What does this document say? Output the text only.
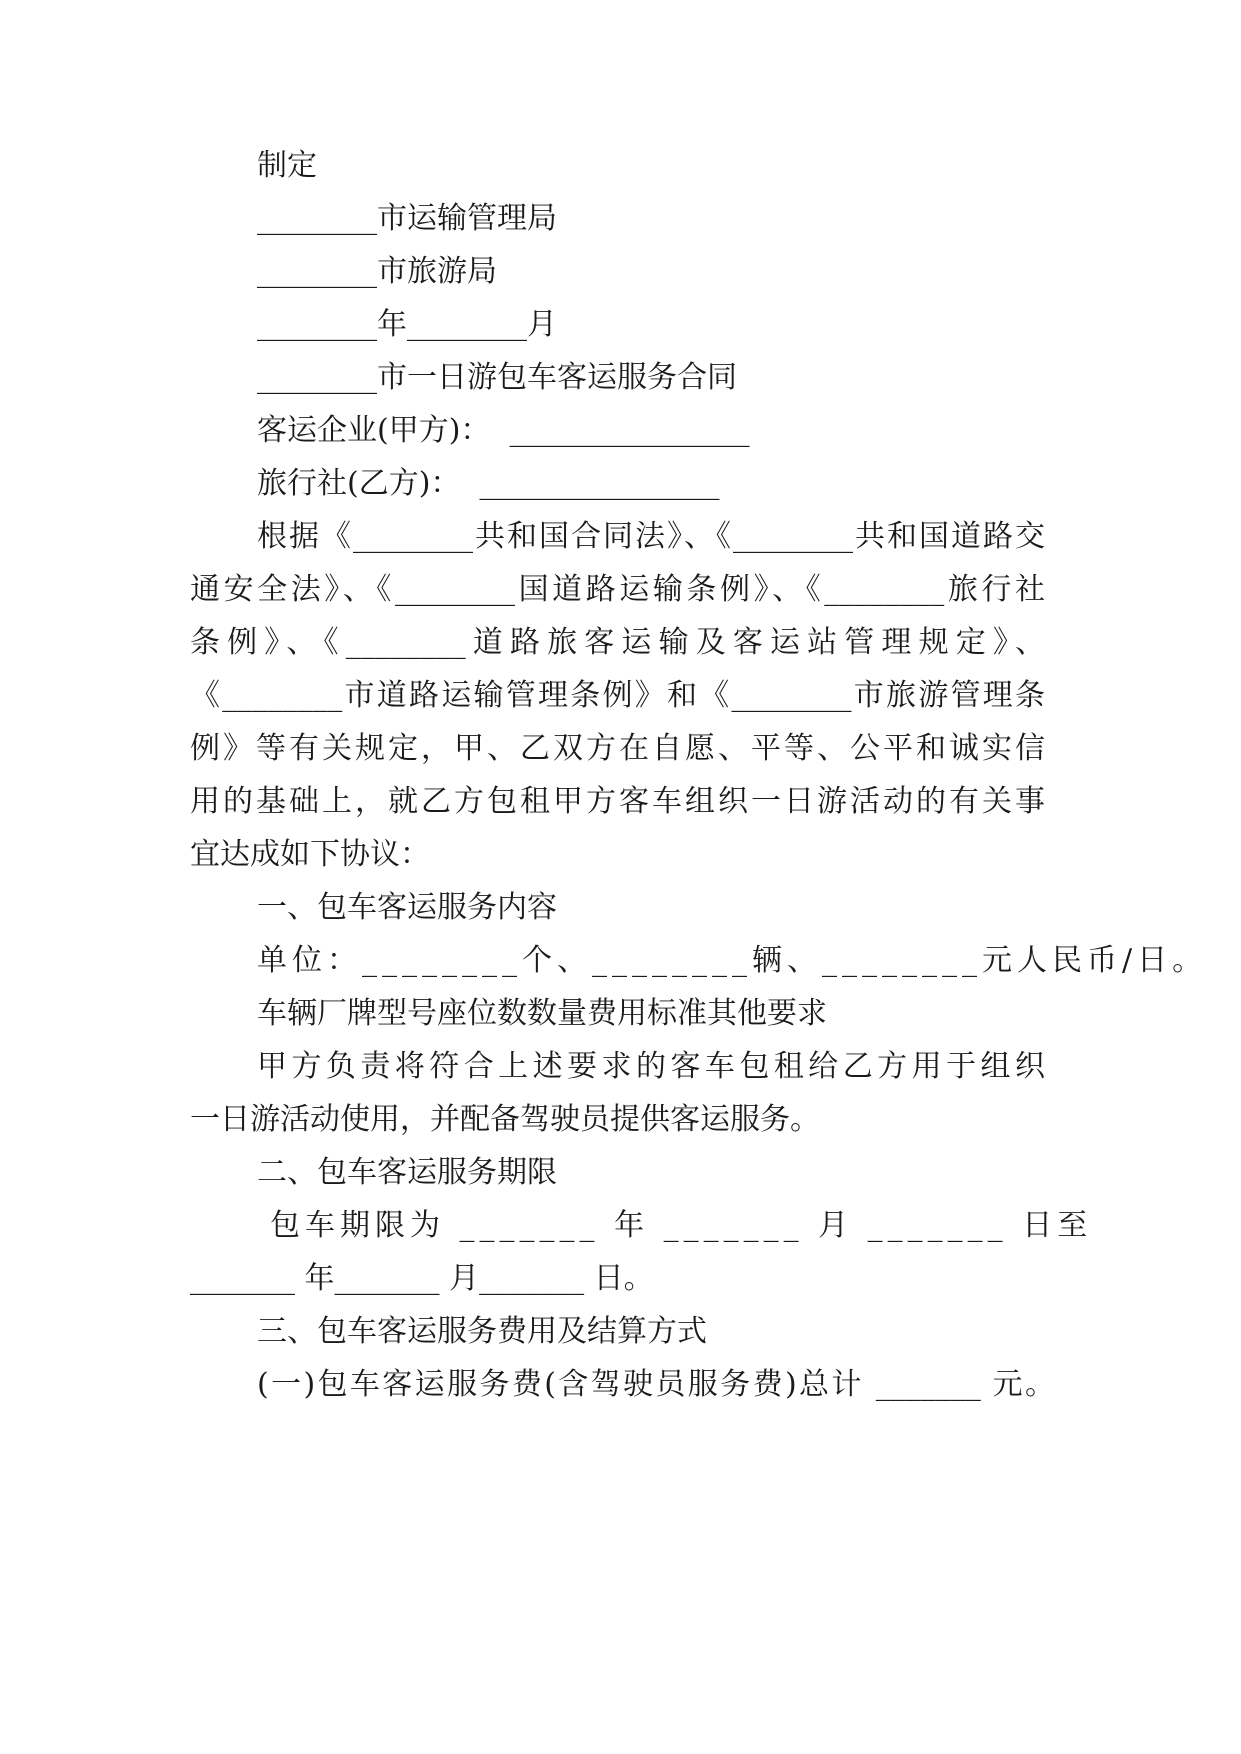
制定
________市运输管理局
________市旅游局
________年________月
________市一日游包车客运服务合同
客运企业(甲方)：  ________________
旅行社(乙方)：  ________________
根据《________共和国合同法》、《________共和国道路交
通安全法》、《________国道路运输条例》、《________旅行社
条例》、《________道路旅客运输及客运站管理规定》、
《________市道路运输管理条例》和《________市旅游管理条
例》等有关规定，甲、乙双方在自愿、平等、公平和诚实信
用的基础上，就乙方包租甲方客车组织一日游活动的有关事
宜达成如下协议：
一、包车客运服务内容
单位：________个、________辆、________元人民币/日。
车辆厂牌型号座位数数量费用标准其他要求
甲方负责将符合上述要求的客车包租给乙方用于组织
一日游活动使用，并配备驾驶员提供客运服务。
二、包车客运服务期限
包车期限为 _______ 年 _______ 月 _______ 日至
_______ 年_______ 月_______ 日。
三、包车客运服务费用及结算方式
(一)包车客运服务费(含驾驶员服务费)总计 _______ 元。
